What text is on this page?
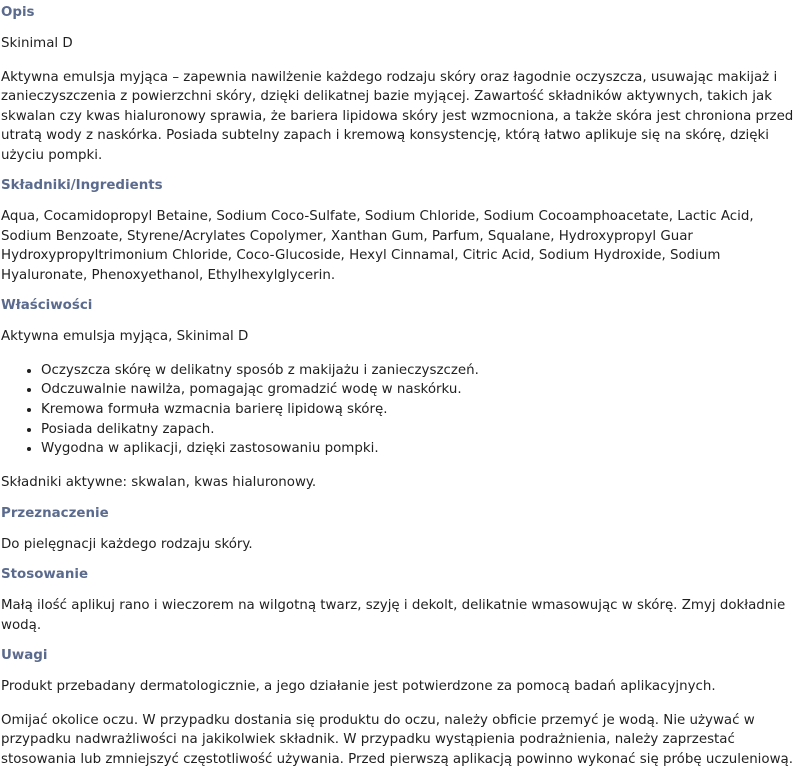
Opis

Skinimal D

Aktywna emulsja myjąca – zapewnia nawilżenie każdego rodzaju skóry oraz łagodnie oczyszcza, usuwając makijaż i zanieczyszczenia z powierzchni skóry, dzięki delikatnej bazie myjącej. Zawartość składników aktywnych, takich jak skwalan czy kwas hialuronowy sprawia, że bariera lipidowa skóry jest wzmocniona, a także skóra jest chroniona przed utratą wody z naskórka. Posiada subtelny zapach i kremową konsystencję, którą łatwo aplikuje się na skórę, dzięki użyciu pompki.

Składniki/Ingredients

Aqua, Cocamidopropyl Betaine, Sodium Coco-Sulfate, Sodium Chloride, Sodium Cocoamphoacetate, Lactic Acid, Sodium Benzoate, Styrene/Acrylates Copolymer, Xanthan Gum, Parfum, Squalane, Hydroxypropyl Guar Hydroxypropyltrimonium Chloride, Coco-Glucoside, Hexyl Cinnamal, Citric Acid, Sodium Hydroxide, Sodium Hyaluronate, Phenoxyethanol, Ethylhexylglycerin.

Właściwości

Aktywna emulsja myjąca, Skinimal D

• Oczyszcza skórę w delikatny sposób z makijażu i zanieczyszczeń.
• Odczuwalnie nawilża, pomagając gromadzić wodę w naskórku.
• Kremowa formuła wzmacnia barierę lipidową skórę.
• Posiada delikatny zapach.
• Wygodna w aplikacji, dzięki zastosowaniu pompki.

Składniki aktywne: skwalan, kwas hialuronowy.

Przeznaczenie

Do pielęgnacji każdego rodzaju skóry.

Stosowanie

Małą ilość aplikuj rano i wieczorem na wilgotną twarz, szyję i dekolt, delikatnie wmasowując w skórę. Zmyj dokładnie wodą.

Uwagi

Produkt przebadany dermatologicznie, a jego działanie jest potwierdzone za pomocą badań aplikacyjnych.

Omijać okolice oczu. W przypadku dostania się produktu do oczu, należy obficie przemyć je wodą. Nie używać w przypadku nadwrażliwości na jakikolwiek składnik. W przypadku wystąpienia podrażnienia, należy zaprzestać stosowania lub zmniejszyć częstotliwość używania. Przed pierwszą aplikacją powinno wykonać się próbę uczuleniową.
